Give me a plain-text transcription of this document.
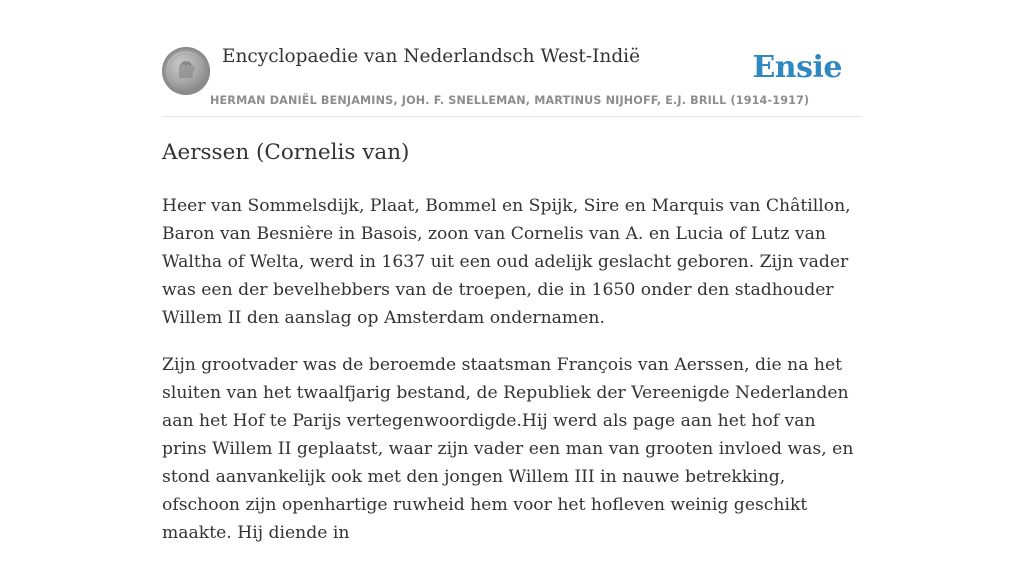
Encyclopaedie van Nederlandsch West-Indië	Ensie
HERMAN DANIËL BENJAMINS, JOH. F. SNELLEMAN, MARTINUS NIJHOFF, E.J. BRILL (1914-1917)
Aerssen (Cornelis van)

Heer van Sommelsdijk, Plaat, Bommel en Spijk, Sire en Marquis van Châtillon, Baron van Besnière in Basois, zoon van Cornelis van A. en Lucia of Lutz van Waltha of Welta, werd in 1637 uit een oud adelijk geslacht geboren. Zijn vader was een der bevelhebbers van de troepen, die in 1650 onder den stadhouder Willem II den aanslag op Amsterdam ondernamen.

Zijn grootvader was de beroemde staatsman François van Aerssen, die na het sluiten van het twaalfjarig bestand, de Republiek der Vereenigde Nederlanden aan het Hof te Parijs vertegenwoordigde.Hij werd als page aan het hof van prins Willem II geplaatst, waar zijn vader een man van grooten invloed was, en stond aanvankelijk ook met den jongen Willem III in nauwe betrekking, ofschoon zijn openhartige ruwheid hem voor het hofleven weinig geschikt maakte. Hij diende in
